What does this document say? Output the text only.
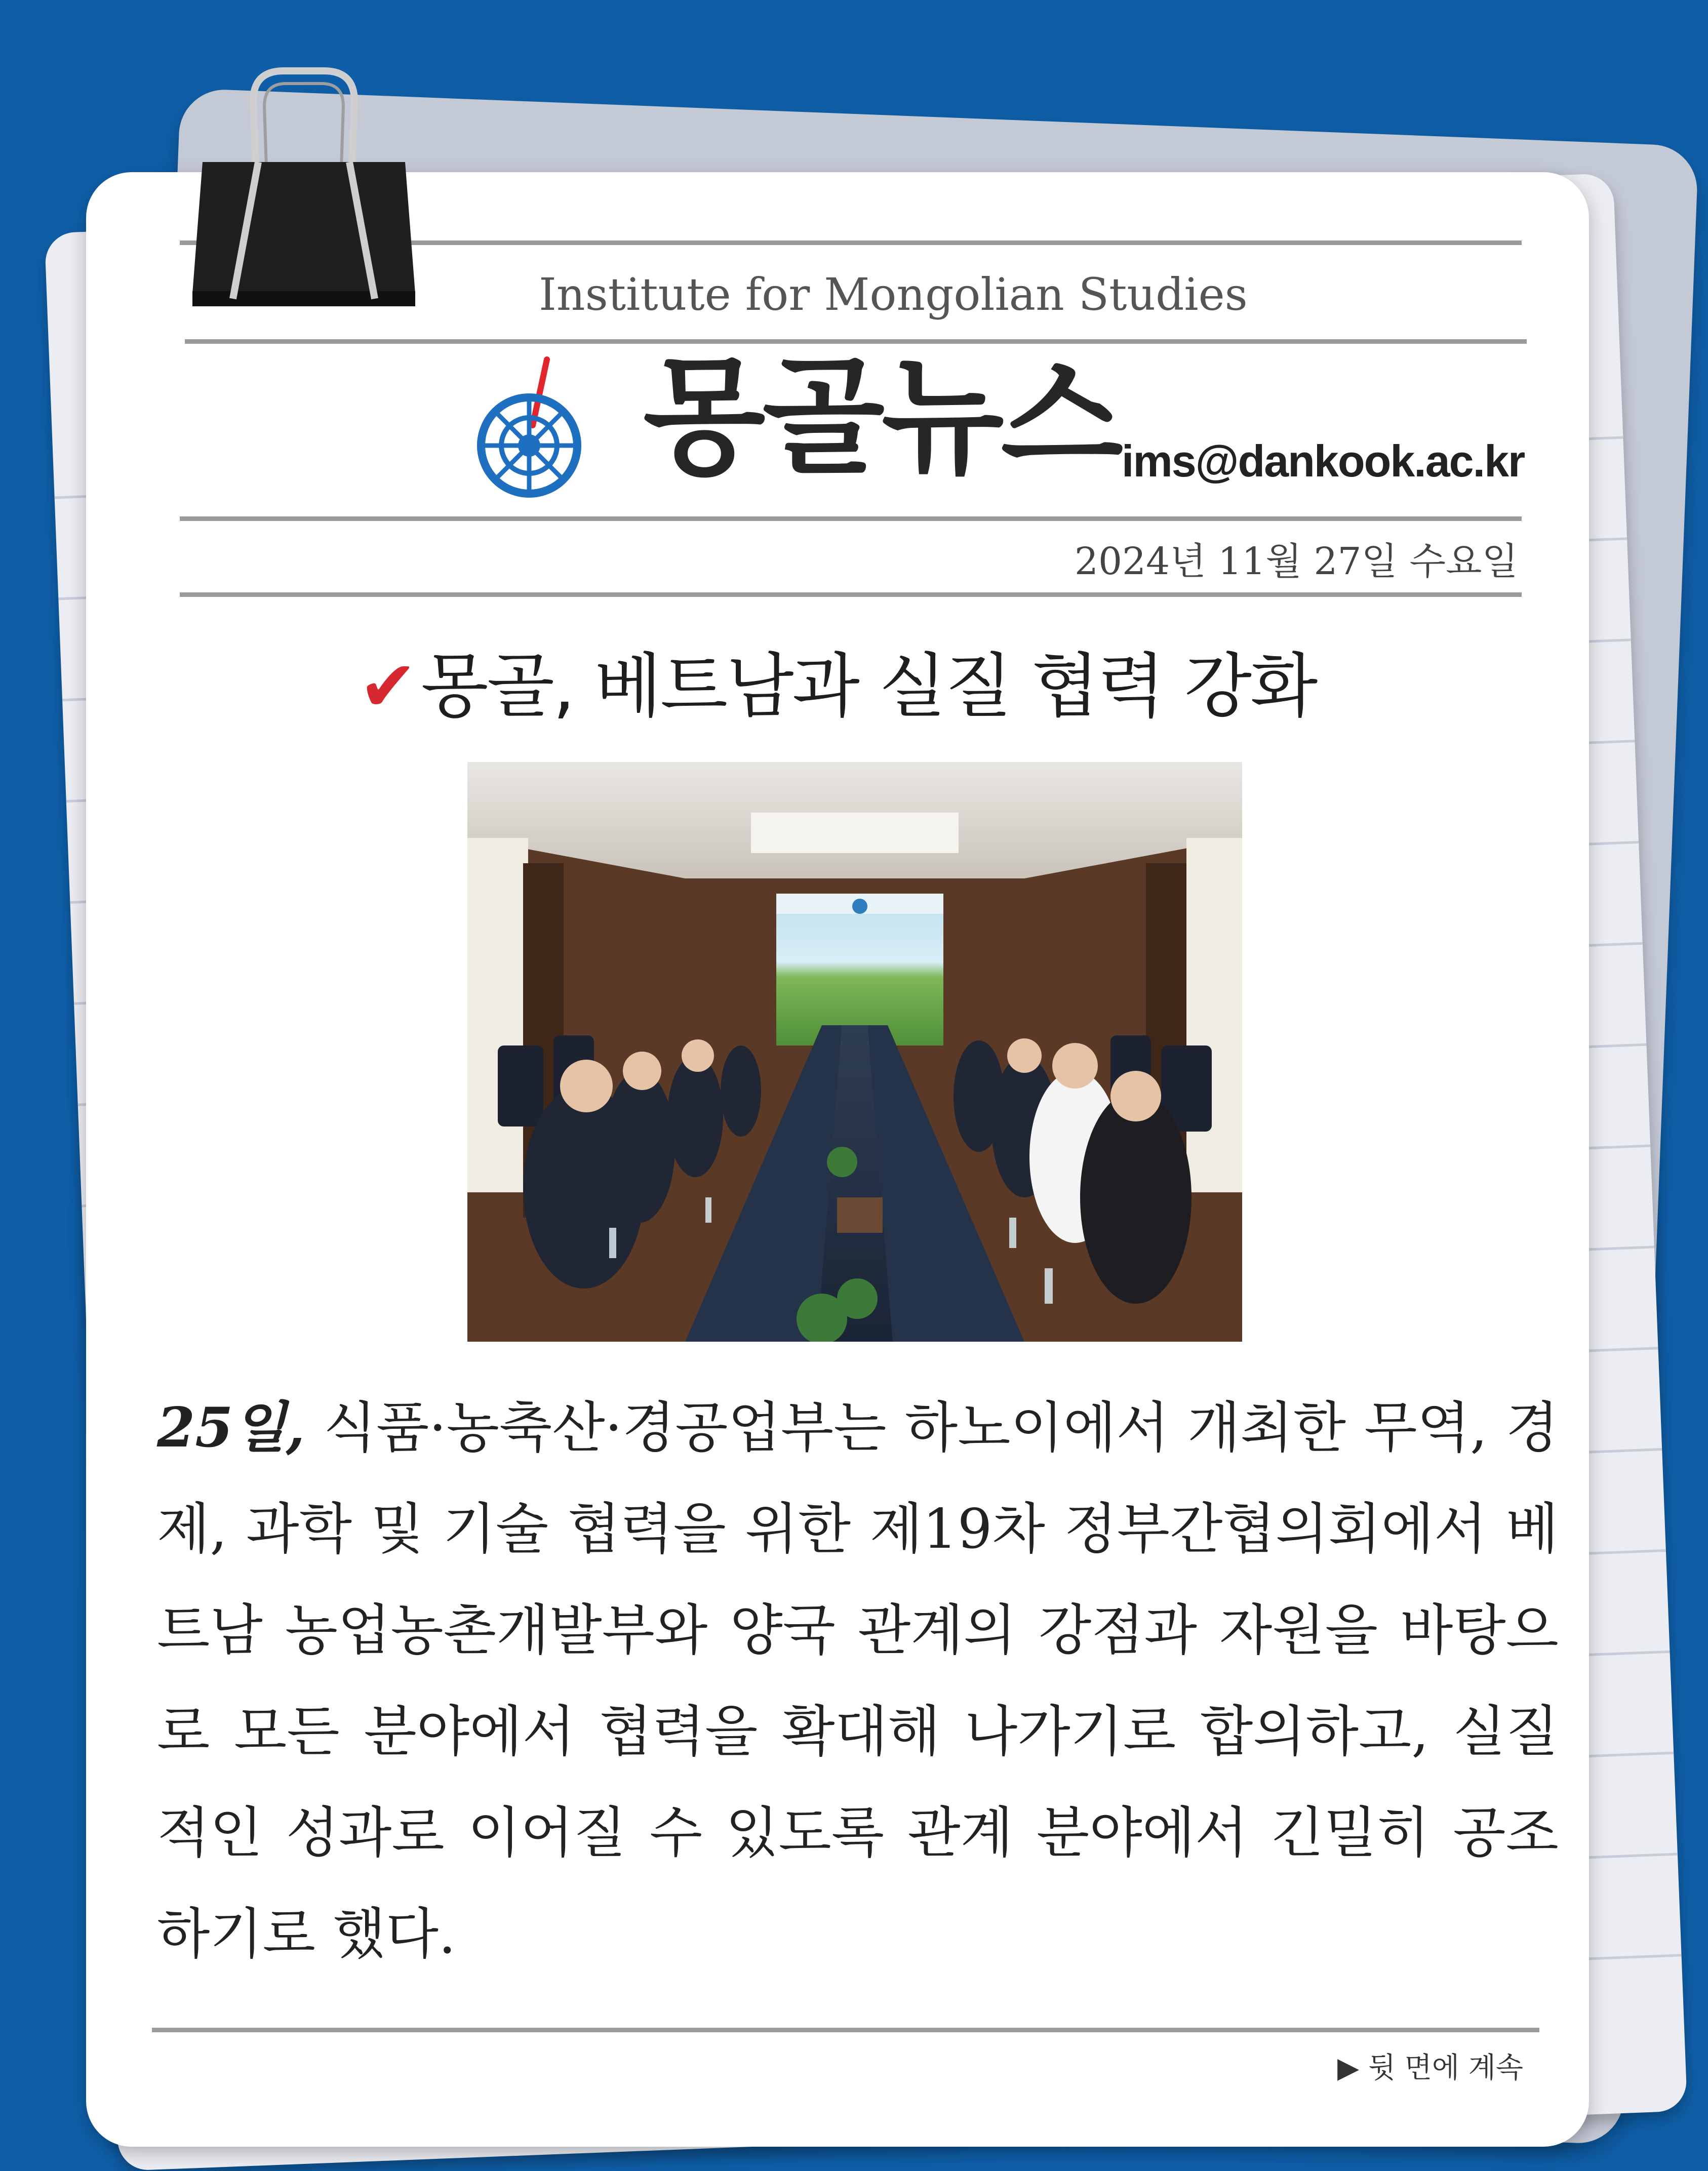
Institute for Mongolian Studies
몽골뉴스 ims@dankook.ac.kr
2024년 11월 27일 수요일
✔몽골, 베트남과 실질 협력 강화
25일, 식품·농축산·경공업부는 하노이에서 개최한 무역, 경제, 과학 및 기술 협력을 위한 제19차 정부간협의회에서 베트남 농업농촌개발부와 양국 관계의 강점과 자원을 바탕으로 모든 분야에서 협력을 확대해 나가기로 합의하고, 실질적인 성과로 이어질 수 있도록 관계 분야에서 긴밀히 공조하기로 했다.
▶ 뒷 면에 계속
